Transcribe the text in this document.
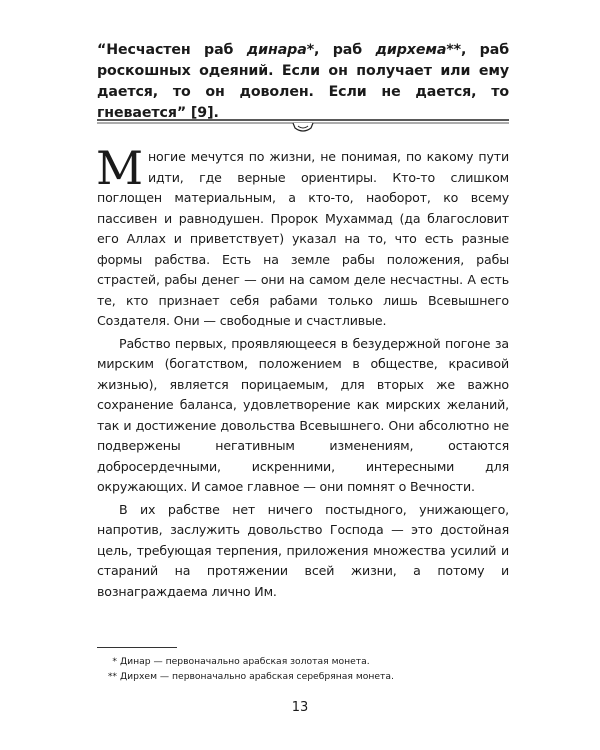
“Несчастен раб динара*, раб дирхема**, раб роскошных одеяний. Если он получает или ему дается, то он доволен. Если не дается, то гневается” [9].

Многие мечутся по жизни, не понимая, по какому пути идти, где верные ориентиры. Кто-то слишком поглощен материальным, а кто-то, наоборот, ко всему пассивен и равнодушен. Пророк Мухаммад (да благословит его Аллах и приветствует) указал на то, что есть разные формы рабства. Есть на земле рабы положения, рабы страстей, рабы денег — они на самом деле несчастны. А есть те, кто признает себя рабами только лишь Всевышнего Создателя. Они — свободные и счастливые.

Рабство первых, проявляющееся в безудержной погоне за мирским (богатством, положением в обществе, красивой жизнью), является порицаемым, для вторых же важно сохранение баланса, удовлетворение как мирских желаний, так и достижение довольства Всевышнего. Они абсолютно не подвержены негативным изменениям, остаются добросердечными, искренними, интересными для окружающих. И самое главное — они помнят о Вечности.

В их рабстве нет ничего постыдного, унижающего, напротив, заслужить довольство Господа — это достойная цель, требующая терпения, приложения множества усилий и стараний на протяжении всей жизни, а потому и вознаграждаема лично Им.

* Динар — первоначально арабская золотая монета.
** Дирхем — первоначально арабская серебряная монета.
13
